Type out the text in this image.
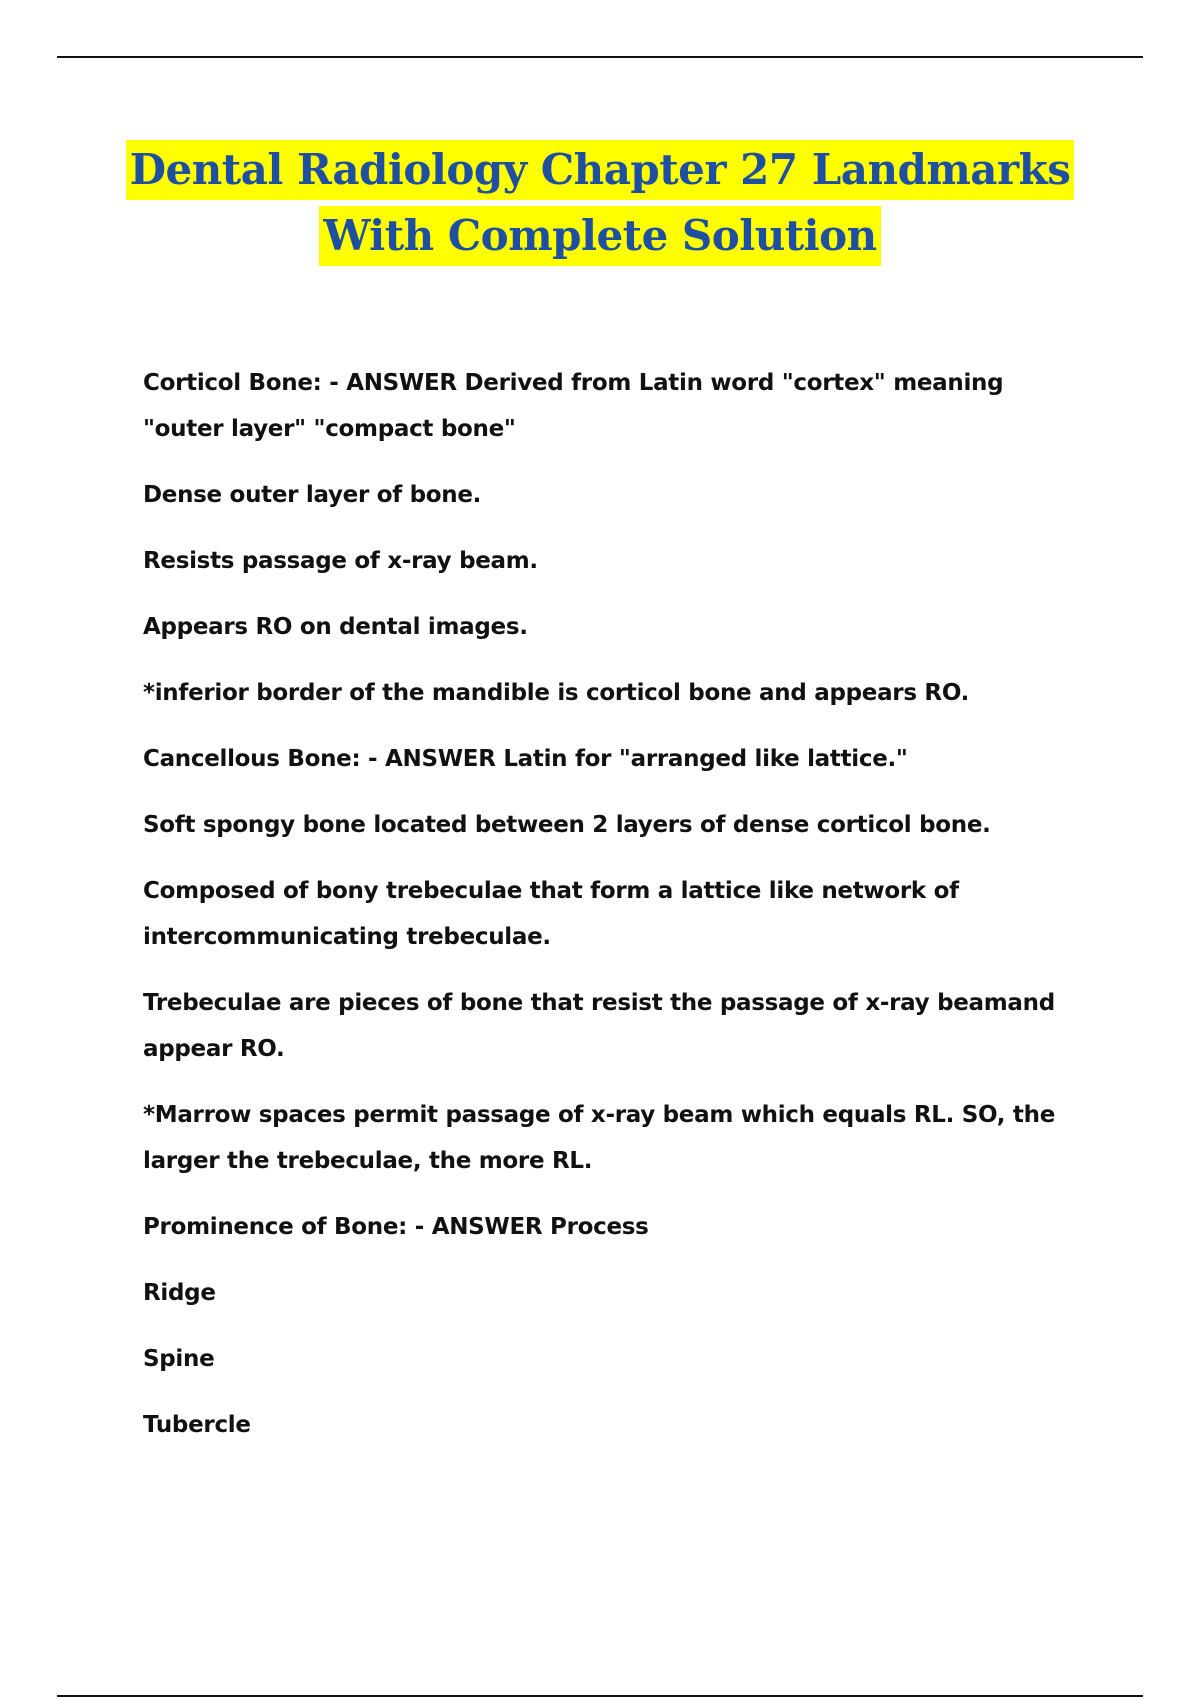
Dental Radiology Chapter 27 Landmarks
With Complete Solution

Corticol Bone: - ANSWER Derived from Latin word "cortex" meaning "outer layer" "compact bone"

Dense outer layer of bone.

Resists passage of x-ray beam.

Appears RO on dental images.

*inferior border of the mandible is corticol bone and appears RO.

Cancellous Bone: - ANSWER Latin for "arranged like lattice."

Soft spongy bone located between 2 layers of dense corticol bone.

Composed of bony trebeculae that form a lattice like network of intercommunicating trebeculae.

Trebeculae are pieces of bone that resist the passage of x-ray beamand appear RO.

*Marrow spaces permit passage of x-ray beam which equals RL. SO, the larger the trebeculae, the more RL.

Prominence of Bone: - ANSWER Process

Ridge

Spine

Tubercle
